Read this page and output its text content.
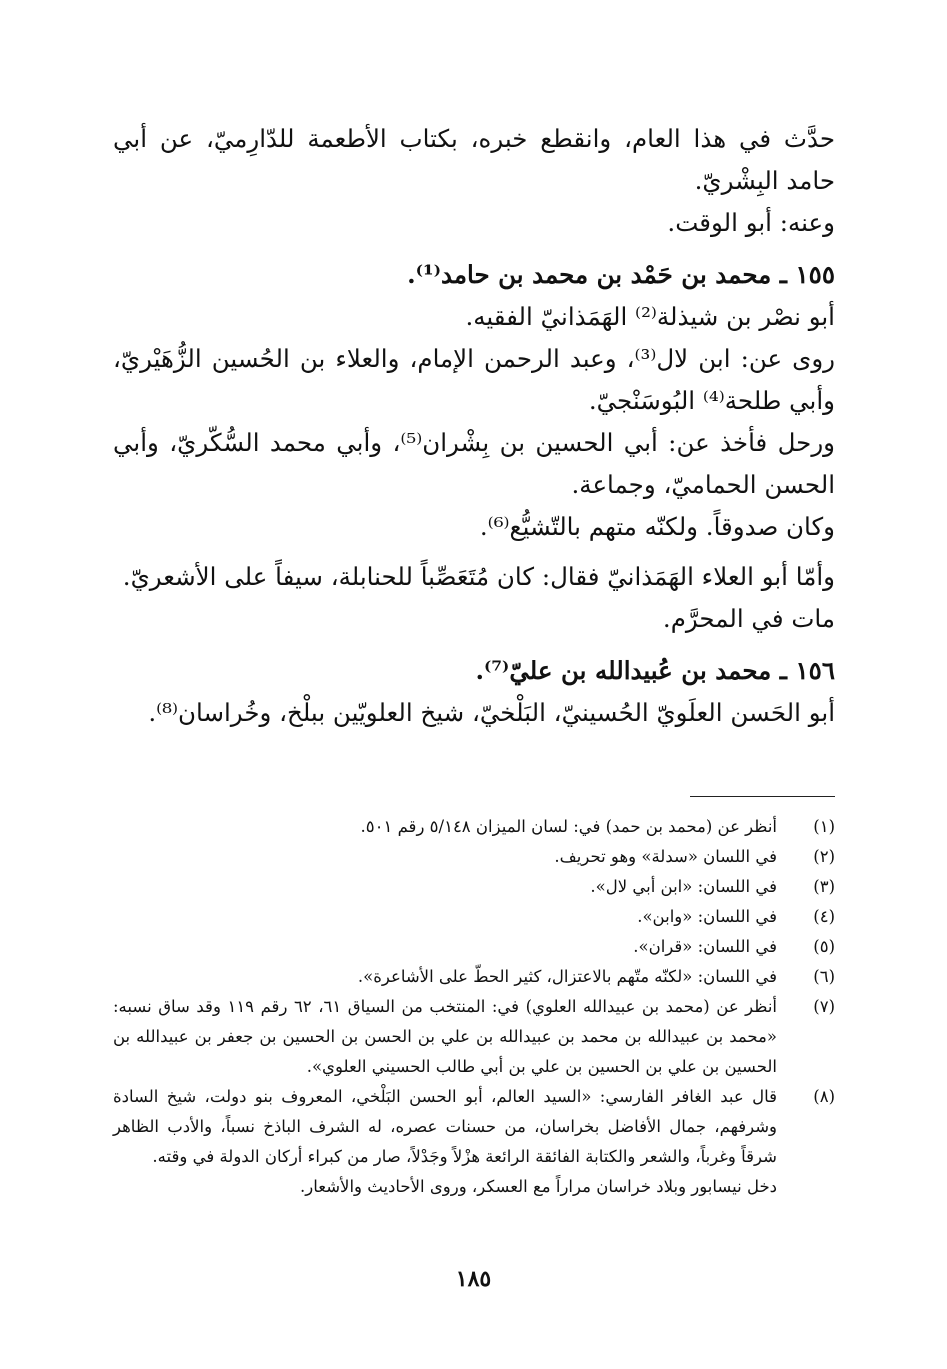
حدَّث في هذا العام، وانقطع خبره، بكتاب الأطعمة للدّارِميّ، عن أبي حامد البِشْريّ.

وعنه: أبو الوقت.

١٥٥ ـ محمد بن حَمْد بن محمد بن حامد⁽¹⁾.

أبو نصْر بن شيذلة⁽²⁾ الهَمَذانيّ الفقيه.

روى عن: ابن لال⁽³⁾، وعبد الرحمن الإمام، والعلاء بن الحُسين الزُّهَيْريّ، وأبي طلحة⁽⁴⁾ البُوسَنْجيّ.

ورحل فأخذ عن: أبي الحسين بن بِشْران⁽⁵⁾، وأبي محمد السُّكّريّ، وأبي الحسن الحماميّ، وجماعة.

وكان صدوقاً. ولكنّه متهم بالتّشيُّع⁽⁶⁾.

وأمّا أبو العلاء الهَمَذانيّ فقال: كان مُتَعَصِّباً للحنابلة، سيفاً على الأشعريّ.

مات في المحرَّم.

١٥٦ ـ محمد بن عُبيدالله بن عليّ⁽⁷⁾.

أبو الحَسن العلَويّ الحُسينيّ، البَلْخيّ، شيخ العلويّين ببلْخ، وخُراسان⁽⁸⁾.

(١)
أنظر عن (محمد بن حمد) في: لسان الميزان ٥/١٤٨ رقم ٥٠١.
(٢)
في اللسان «سدلة» وهو تحريف.
(٣)
في اللسان: «ابن أبي لال».
(٤)
في اللسان: «وابن».
(٥)
في اللسان: «قران».
(٦)
في اللسان: «لكنّه متّهم بالاعتزال، كثير الحطّ على الأشاعرة».
(٧)
أنظر عن (محمد بن عبيدالله العلوي) في: المنتخب من السياق ٦١، ٦٢ رقم ١١٩ وقد ساق نسبه: «محمد بن عبيدالله بن محمد بن عبيدالله بن علي بن الحسن بن الحسين بن جعفر بن عبيدالله بن الحسين بن علي بن الحسين بن علي بن أبي طالب الحسيني العلوي».
(٨)
قال عبد الغافر الفارسي: «السيد العالم، أبو الحسن البَلْخي، المعروف بنو دولت، شيخ السادة وشرفهم، جمال الأفاضل بخراسان، من حسنات عصره، له الشرف الباذخ نسباً، والأدب الظاهر شرقاً وغرباً، والشعر والكتابة الفائقة الرائعة هزْلاً وجَدْلاً، صار من كبراء أركان الدولة في وقته.

دخل نيسابور وبلاد خراسان مراراً مع العسكر، وروى الأحاديث والأشعار.

١٨٥
